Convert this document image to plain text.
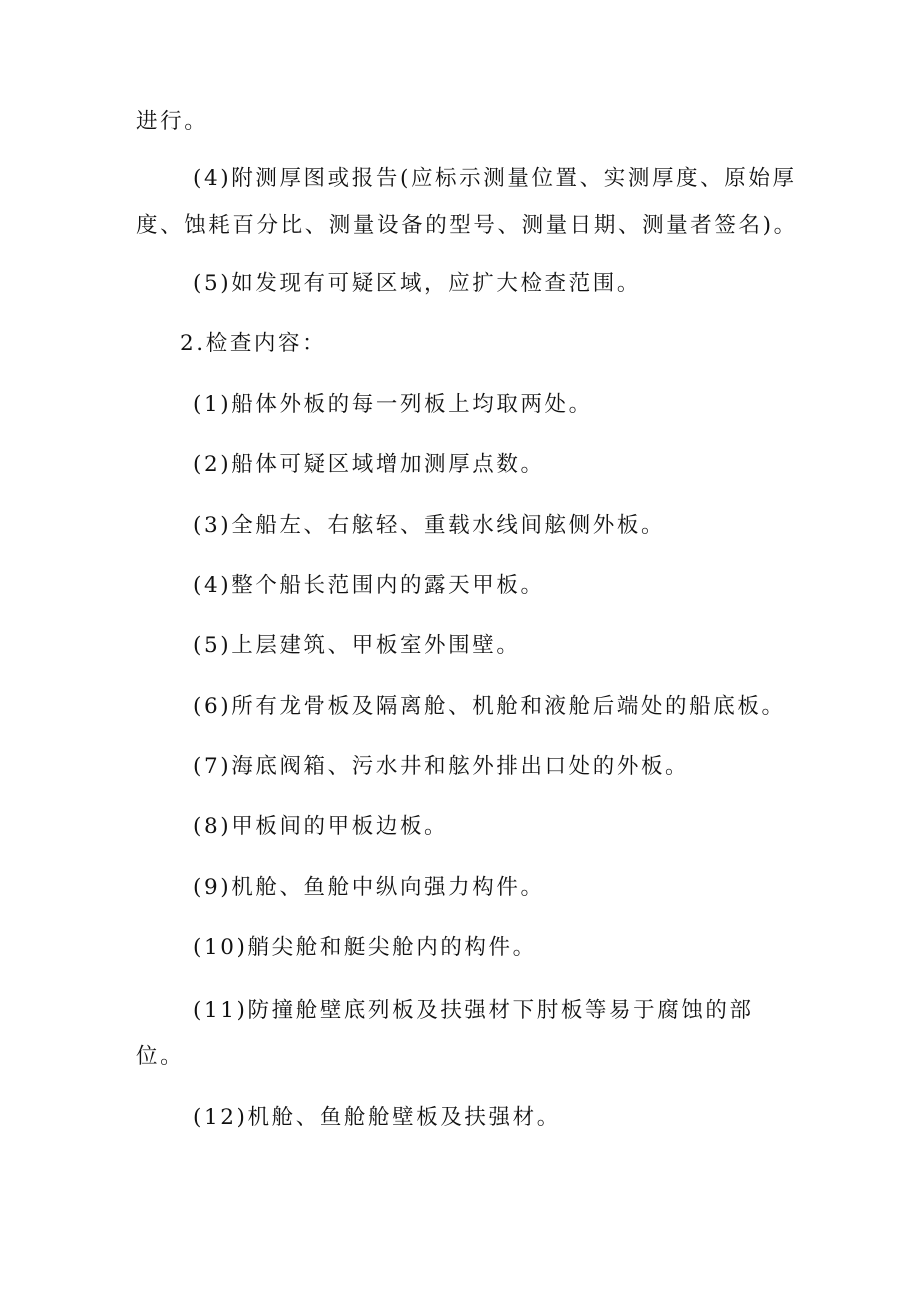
进行。
(4)附测厚图或报告(应标示测量位置、实测厚度、原始厚
度、蚀耗百分比、测量设备的型号、测量日期、测量者签名)。
(5)如发现有可疑区域，应扩大检查范围。
2.检查内容：
(1)船体外板的每一列板上均取两处。
(2)船体可疑区域增加测厚点数。
(3)全船左、右舷轻、重载水线间舷侧外板。
(4)整个船长范围内的露天甲板。
(5)上层建筑、甲板室外围壁。
(6)所有龙骨板及隔离舱、机舱和液舱后端处的船底板。
(7)海底阀箱、污水井和舷外排出口处的外板。
(8)甲板间的甲板边板。
(9)机舱、鱼舱中纵向强力构件。
(10)艄尖舱和艇尖舱内的构件。
(11)防撞舱壁底列板及扶强材下肘板等易于腐蚀的部
位。
(12)机舱、鱼舱舱壁板及扶强材。
